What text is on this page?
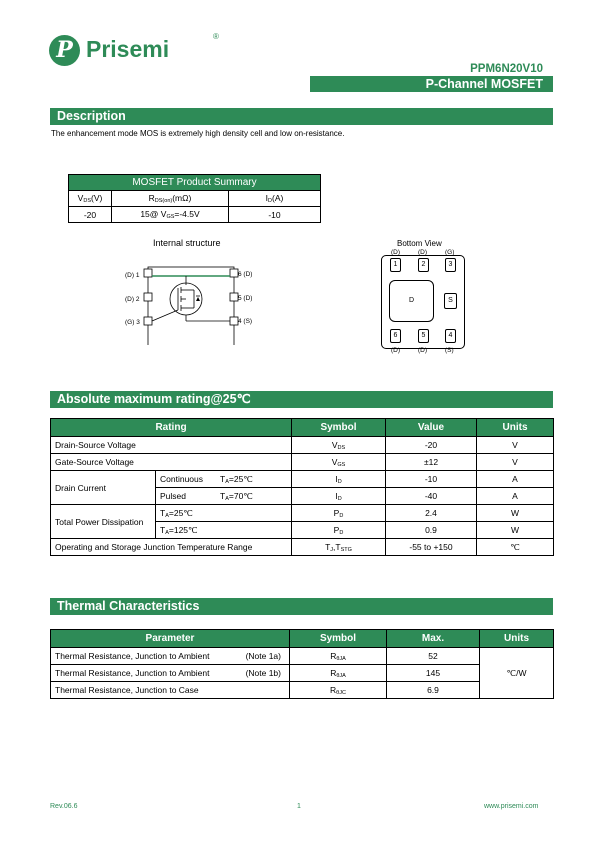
P Prisemi	®
PPM6N20V10
P-Channel MOSFET
Description
The enhancement mode MOS is extremely high density cell and low on-resistance.
MOSFET Product Summary		
$V_{DS}(V)$	$R_{DS(on)}(m\Omega)$	$I_D(A)$
-20	15@ $V_{GS}=-4.5V$	-10
Internal structure
(D) 1
(D) 2
(G) 3
6 (D)
5 (D)
4 (S)
Bottom View
(D)	(D)	(G)
1	2	3
D	S
6	5	4
(D)	(D)	(S)
Absolute maximum rating@25℃
Rating		Symbol	Value	Units
Drain-Source Voltage		$V_{DS}$	-20	V
Gate-Source Voltage		$V_{GS}$	±12	V
Drain Current	Continuous $T_A=25℃$	$I_D$	-10	A
	Pulsed $T_A=70℃$	$I_D$	-40	A
Total Power Dissipation	$T_A=25℃$	$P_D$	2.4	W
	$T_A=125℃$	$P_D$	0.9	W
Operating and Storage Junction Temperature Range		$T_J,T_{STG}$	-55 to +150	℃
Thermal Characteristics
Parameter	Symbol	Max.	Units
Thermal Resistance, Junction to Ambient (Note 1a)	$R_{\theta JA}$	52	℃/W
Thermal Resistance, Junction to Ambient (Note 1b)	$R_{\theta JA}$	145	
Thermal Resistance, Junction to Case	$R_{\theta JC}$	6.9	
Rev.06.6	1	www.prisemi.com
